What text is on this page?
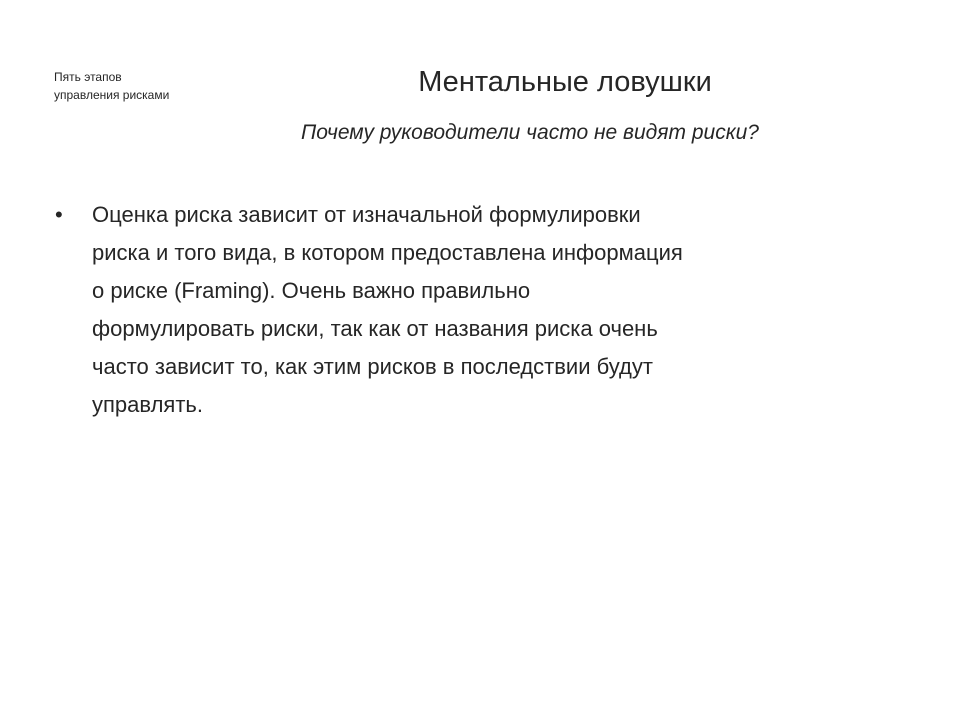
Пять этапов
управления рисками	Ментальные ловушки
Почему руководители часто не видят риски?
• Оценка риска зависит от изначальной формулировки
риска и того вида, в котором предоставлена информация
о риске (Framing). Очень важно правильно
формулировать риски, так как от названия риска очень
часто зависит то, как этим рисков в последствии будут
управлять.
